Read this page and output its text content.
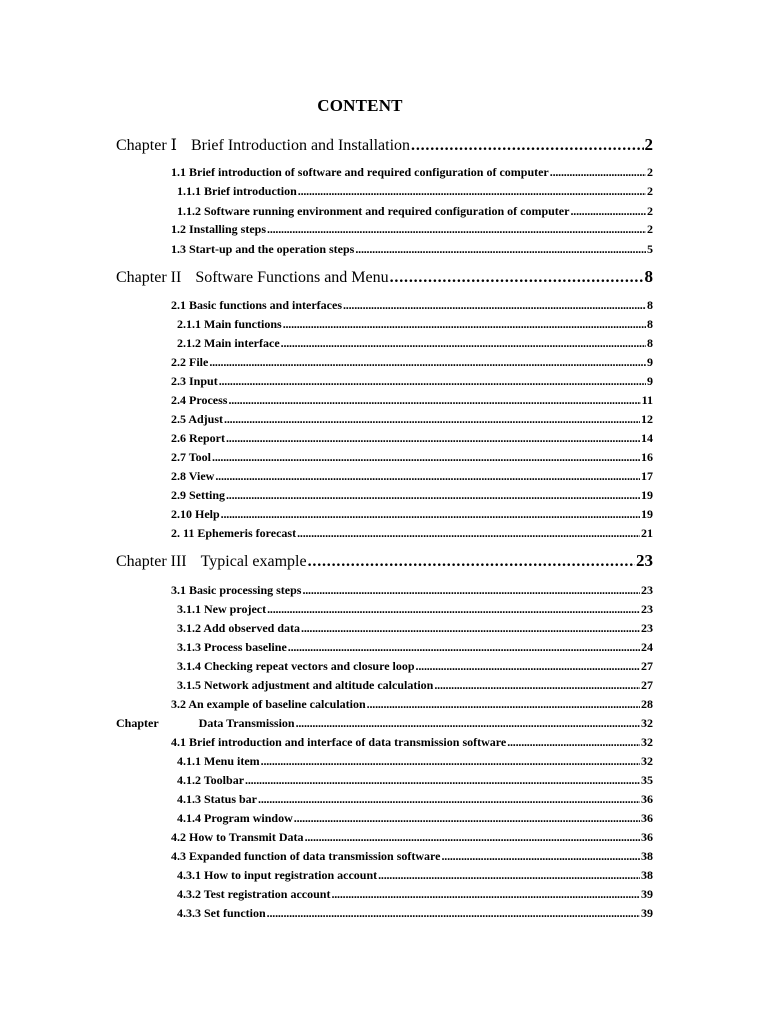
CONTENT
Chapter Ⅰ Brief Introduction and Installation . . .	2
1.1 Brief introduction of software and required configuration of computer . . .	2
1.1.1 Brief introduction . . .	2
1.1.2 Software running environment and required configuration of computer . . .	2
1.2 Installing steps . . .	2
1.3 Start-up and the operation steps . . .	5
Chapter II Software Functions and Menu . . .	8
2.1 Basic functions and interfaces . . .	8
2.1.1 Main functions . . .	8
2.1.2 Main interface . . .	8
2.2 File . . .	9
2.3 Input . . .	9
2.4 Process . . .	11
2.5 Adjust . . .	12
2.6 Report . . .	14
2.7 Tool . . .	16
2.8 View . . .	17
2.9 Setting . . .	19
2.10 Help . . .	19
2. 11 Ephemeris forecast . . .	21
Chapter III Typical example . . .	23
3.1 Basic processing steps . . .	23
3.1.1 New project . . .	23
3.1.2 Add observed data . . .	23
3.1.3 Process baseline . . .	24
3.1.4 Checking repeat vectors and closure loop . . .	27
3.1.5 Network adjustment and altitude calculation . . .	27
3.2 An example of baseline calculation . . .	28
Chapter	Data Transmission . . .	32
4.1 Brief introduction and interface of data transmission software . . .	32
4.1.1 Menu item . . .	32
4.1.2 Toolbar . . .	35
4.1.3 Status bar . . .	36
4.1.4 Program window . . .	36
4.2 How to Transmit Data . . .	36
4.3 Expanded function of data transmission software . . .	38
4.3.1 How to input registration account . . .	38
4.3.2 Test registration account . . .	39
4.3.3 Set function . . .	39
